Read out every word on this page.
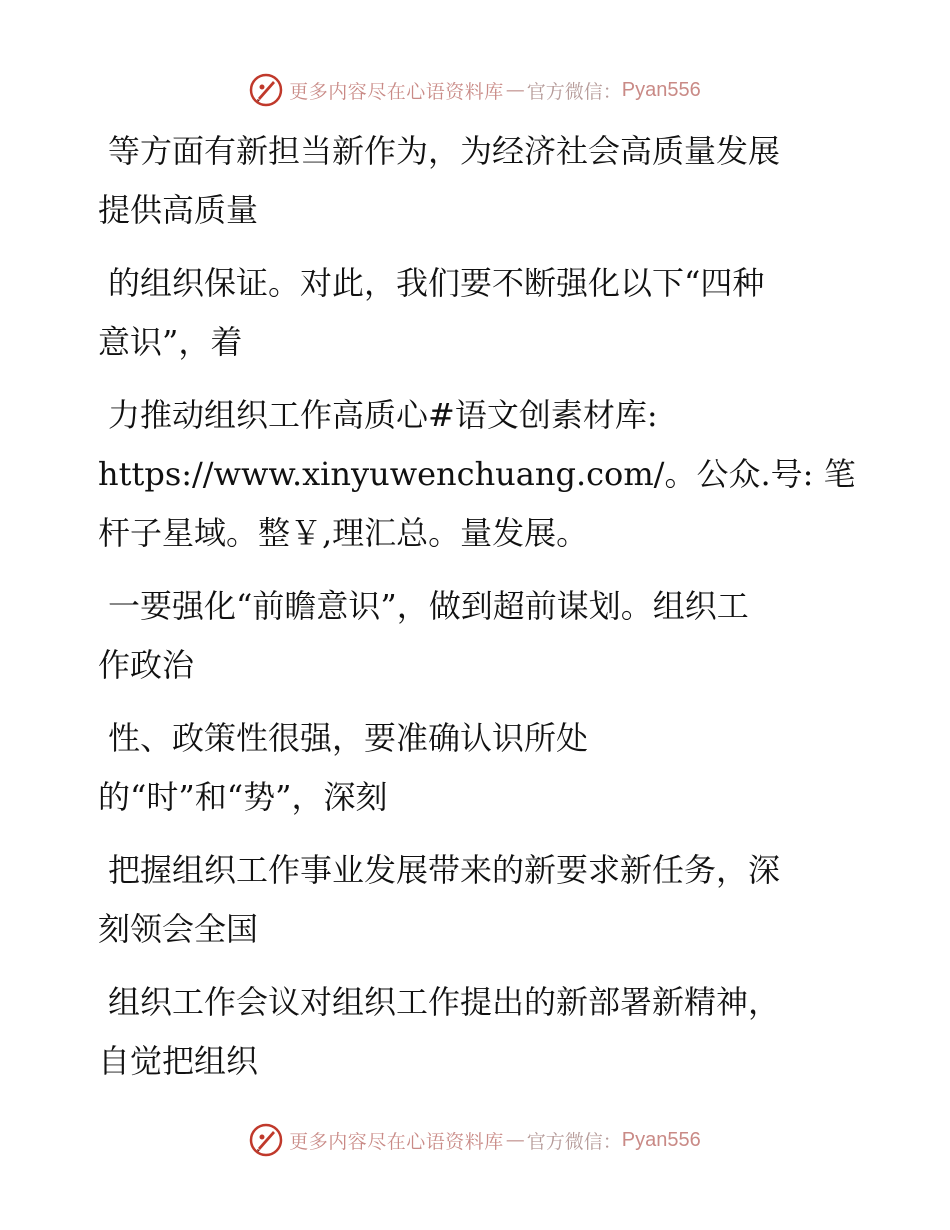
更多内容尽在心语资料库 — 官方微信： Pyan556

等方面有新担当新作为，为经济社会高质量发展
提供高质量

的组织保证。对此，我们要不断强化以下“四种
意识”，着

力推动组织工作高质心#语文创素材库:
https://www.xinyuwenchuang.com/。公众.号: 笔
杆子星域。整￥,理汇总。量发展。

一要强化“前瞻意识”，做到超前谋划。组织工
作政治

性、政策性很强，要准确认识所处
的“时”和“势”，深刻

把握组织工作事业发展带来的新要求新任务，深
刻领会全国

组织工作会议对组织工作提出的新部署新精神，
自觉把组织

更多内容尽在心语资料库 — 官方微信： Pyan556
